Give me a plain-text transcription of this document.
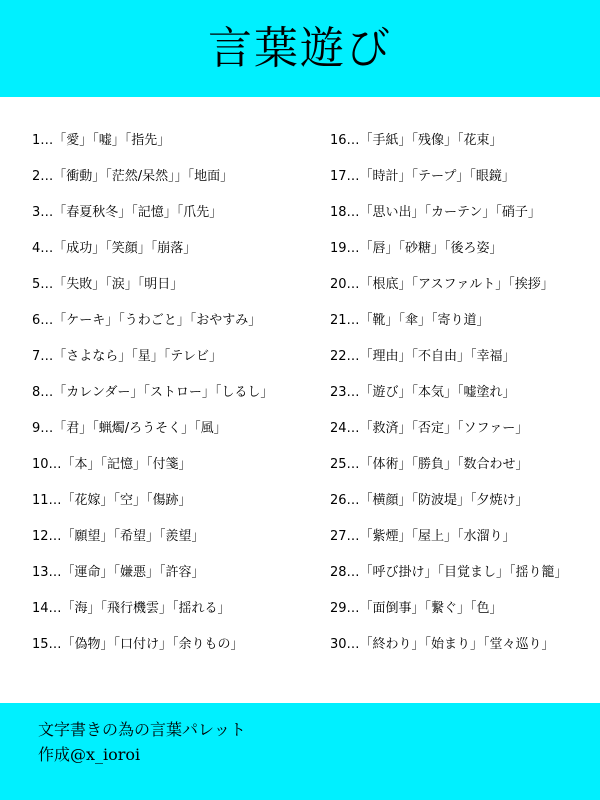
言葉遊び
1…「愛」「嘘」「指先」
2…「衝動」「茫然/呆然」」「地面」
3…「春夏秋冬」「記憶」「爪先」
4…「成功」「笑顔」「崩落」
5…「失敗」「涙」「明日」
6…「ケーキ」「うわごと」「おやすみ」
7…「さよなら」「星」「テレビ」
8…「カレンダー」「ストロー」「しるし」
9…「君」「蝋燭/ろうそく」「風」
10…「本」「記憶」「付箋」
11…「花嫁」「空」「傷跡」
12…「願望」「希望」「羨望」
13…「運命」「嫌悪」「許容」
14…「海」「飛行機雲」「揺れる」
15…「偽物」「口付け」「余りもの」
16…「手紙」「残像」「花束」
17…「時計」「テープ」「眼鏡」
18…「思い出」「カーテン」「硝子」
19…「唇」「砂糖」「後ろ姿」
20…「根底」「アスファルト」「挨拶」
21…「靴」「傘」「寄り道」
22…「理由」「不自由」「幸福」
23…「遊び」「本気」「嘘塗れ」
24…「救済」「否定」「ソファー」
25…「体術」「勝負」「数合わせ」
26…「横顔」「防波堤」「夕焼け」
27…「紫煙」「屋上」「水溜り」
28…「呼び掛け」「目覚まし」「揺り籠」
29…「面倒事」「繋ぐ」「色」
30…「終わり」「始まり」「堂々巡り」
文字書きの為の言葉パレット
作成@x_ioroi
